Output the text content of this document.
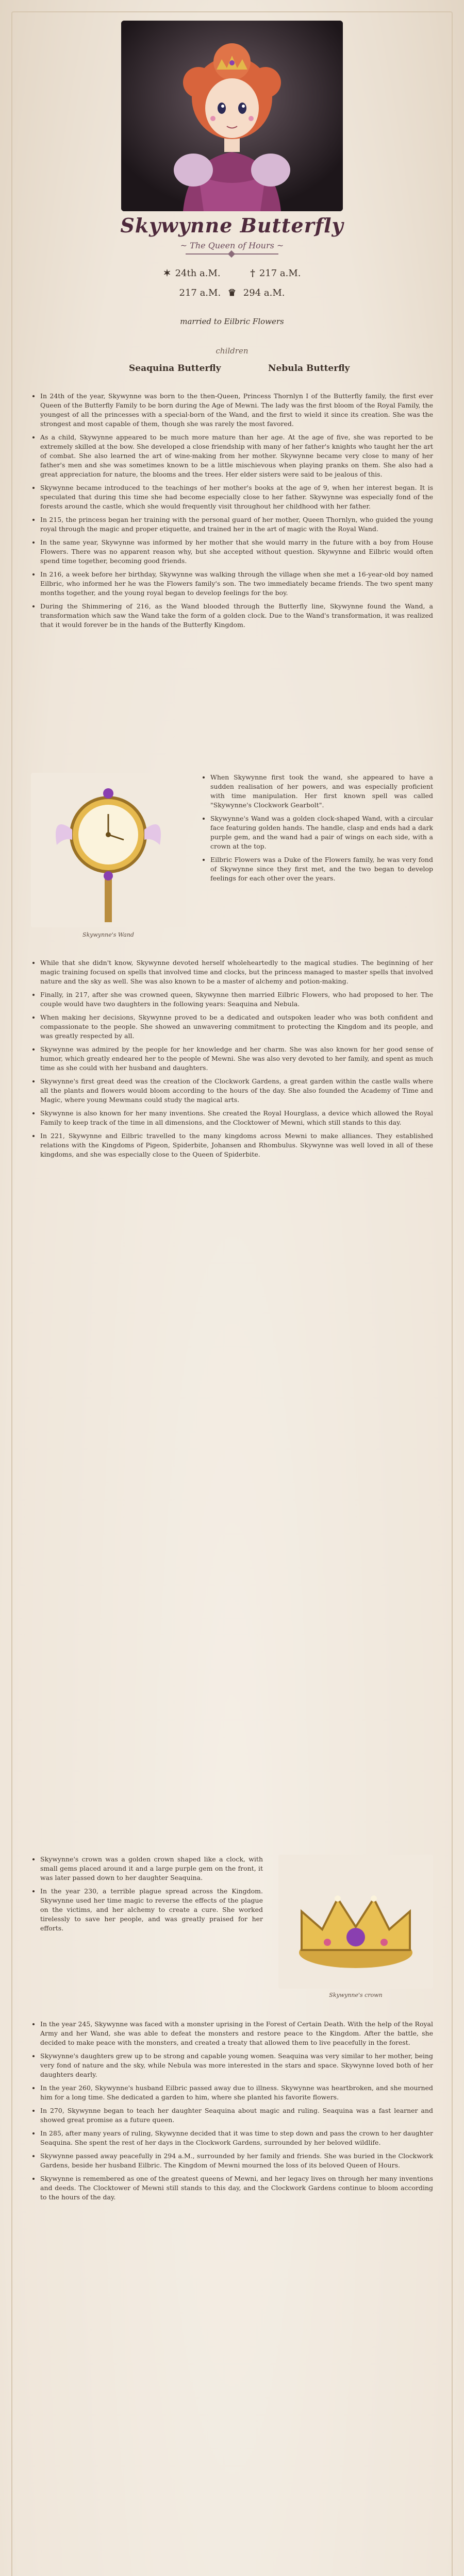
Skywynne Butterfly
~ The Queen of Hours ~
✶ 24th a.M.	† 217 a.M.
217 a.M. ♛ 294 a.M.
married to Eilbric Flowers
children
Seaquina Butterfly	Nebula Butterfly
• In 24th of the year, Skywynne was born to the then-Queen, Princess Thornlyn I of the Butterfly family, the first ever Queen of the Butterfly Family to be born during the Age of Mewni. The lady was the first bloom of the Royal Family, the youngest of all the princesses with a special-born of the Wand, and the first to wield it since its creation. She was the strongest and most capable of them, though she was rarely the most favored.
• As a child, Skywynne appeared to be much more mature than her age. At the age of five, she was reported to be extremely skilled at the bow. She developed a close friendship with many of her father's knights who taught her the art of combat. She also learned the art of wine-making from her mother. Skywynne became very close to many of her father's men and she was sometimes known to be a little mischievous when playing pranks on them. She also had a great appreciation for nature, the blooms and the trees. Her elder sisters were said to be jealous of this.
• Skywynne became introduced to the teachings of her mother's books at the age of 9, when her interest began. It is speculated that during this time she had become especially close to her father. Skywynne was especially fond of the forests around the castle, which she would frequently visit throughout her childhood with her father.
• In 215, the princess began her training with the personal guard of her mother, Queen Thornlyn, who guided the young royal through the magic and proper etiquette, and trained her in the art of magic with the Royal Wand.
• In the same year, Skywynne was informed by her mother that she would marry in the future with a boy from House Flowers. There was no apparent reason why, but she accepted without question. Skywynne and Eilbric would often spend time together, becoming good friends.
• In 216, a week before her birthday, Skywynne was walking through the village when she met a 16-year-old boy named Eilbric, who informed her he was the Flowers family's son. The two immediately became friends. The two spent many months together, and the young royal began to develop feelings for the boy.
• During the Shimmering of 216, as the Wand blooded through the Butterfly line, Skywynne found the Wand, a transformation which saw the Wand take the form of a golden clock. Due to the Wand's transformation, it was realized that it would forever be in the hands of the Butterfly Kingdom.
Skywynne's Wand
• When Skywynne first took the wand, she appeared to have a sudden realisation of her powers, and was especially proficient with time manipulation. Her first known spell was called "Skywynne's Clockwork Gearbolt".
• Skywynne's Wand was a golden clock-shaped Wand, with a circular face featuring golden hands. The handle, clasp and ends had a dark purple gem, and the wand had a pair of wings on each side, with a crown at the top.
• Eilbric Flowers was a Duke of the Flowers family, he was very fond of Skywynne since they first met, and the two began to develop feelings for each other over the years.
• While that she didn't know, Skywynne devoted herself wholeheartedly to the magical studies. The beginning of her magic training focused on spells that involved time and clocks, but the princess managed to master spells that involved nature and the sky as well. She was also known to be a master of alchemy and potion-making.
• Finally, in 217, after she was crowned queen, Skywynne then married Eilbric Flowers, who had proposed to her. The couple would have two daughters in the following years: Seaquina and Nebula.
• When making her decisions, Skywynne proved to be a dedicated and outspoken leader who was both confident and compassionate to the people. She showed an unwavering commitment to protecting the Kingdom and its people, and was greatly respected by all.
• Skywynne was admired by the people for her knowledge and her charm. She was also known for her good sense of humor, which greatly endeared her to the people of Mewni. She was also very devoted to her family, and spent as much time as she could with her husband and daughters.
• Skywynne's first great deed was the creation of the Clockwork Gardens, a great garden within the castle walls where all the plants and flowers would bloom according to the hours of the day. She also founded the Academy of Time and Magic, where young Mewmans could study the magical arts.
• Skywynne is also known for her many inventions. She created the Royal Hourglass, a device which allowed the Royal Family to keep track of the time in all dimensions, and the Clocktower of Mewni, which still stands to this day.
• In 221, Skywynne and Eilbric travelled to the many kingdoms across Mewni to make alliances. They established relations with the Kingdoms of Pigeon, Spiderbite, Johansen and Rhombulus. Skywynne was well loved in all of these kingdoms, and she was especially close to the Queen of Spiderbite.
Skywynne's crown
• Skywynne's crown was a golden crown shaped like a clock, with small gems placed around it and a large purple gem on the front, it was later passed down to her daughter Seaquina.
• In the year 230, a terrible plague spread across the Kingdom. Skywynne used her time magic to reverse the effects of the plague on the victims, and her alchemy to create a cure. She worked tirelessly to save her people, and was greatly praised for her efforts.
• In the year 245, Skywynne was faced with a monster uprising in the Forest of Certain Death. With the help of the Royal Army and her Wand, she was able to defeat the monsters and restore peace to the Kingdom. After the battle, she decided to make peace with the monsters, and created a treaty that allowed them to live peacefully in the forest.
• Skywynne's daughters grew up to be strong and capable young women. Seaquina was very similar to her mother, being very fond of nature and the sky, while Nebula was more interested in the stars and space. Skywynne loved both of her daughters dearly.
• In the year 260, Skywynne's husband Eilbric passed away due to illness. Skywynne was heartbroken, and she mourned him for a long time. She dedicated a garden to him, where she planted his favorite flowers.
• In 270, Skywynne began to teach her daughter Seaquina about magic and ruling. Seaquina was a fast learner and showed great promise as a future queen.
• In 285, after many years of ruling, Skywynne decided that it was time to step down and pass the crown to her daughter Seaquina. She spent the rest of her days in the Clockwork Gardens, surrounded by her beloved wildlife.
• Skywynne passed away peacefully in 294 a.M., surrounded by her family and friends. She was buried in the Clockwork Gardens, beside her husband Eilbric. The Kingdom of Mewni mourned the loss of its beloved Queen of Hours.
• Skywynne is remembered as one of the greatest queens of Mewni, and her legacy lives on through her many inventions and deeds. The Clocktower of Mewni still stands to this day, and the Clockwork Gardens continue to bloom according to the hours of the day.
